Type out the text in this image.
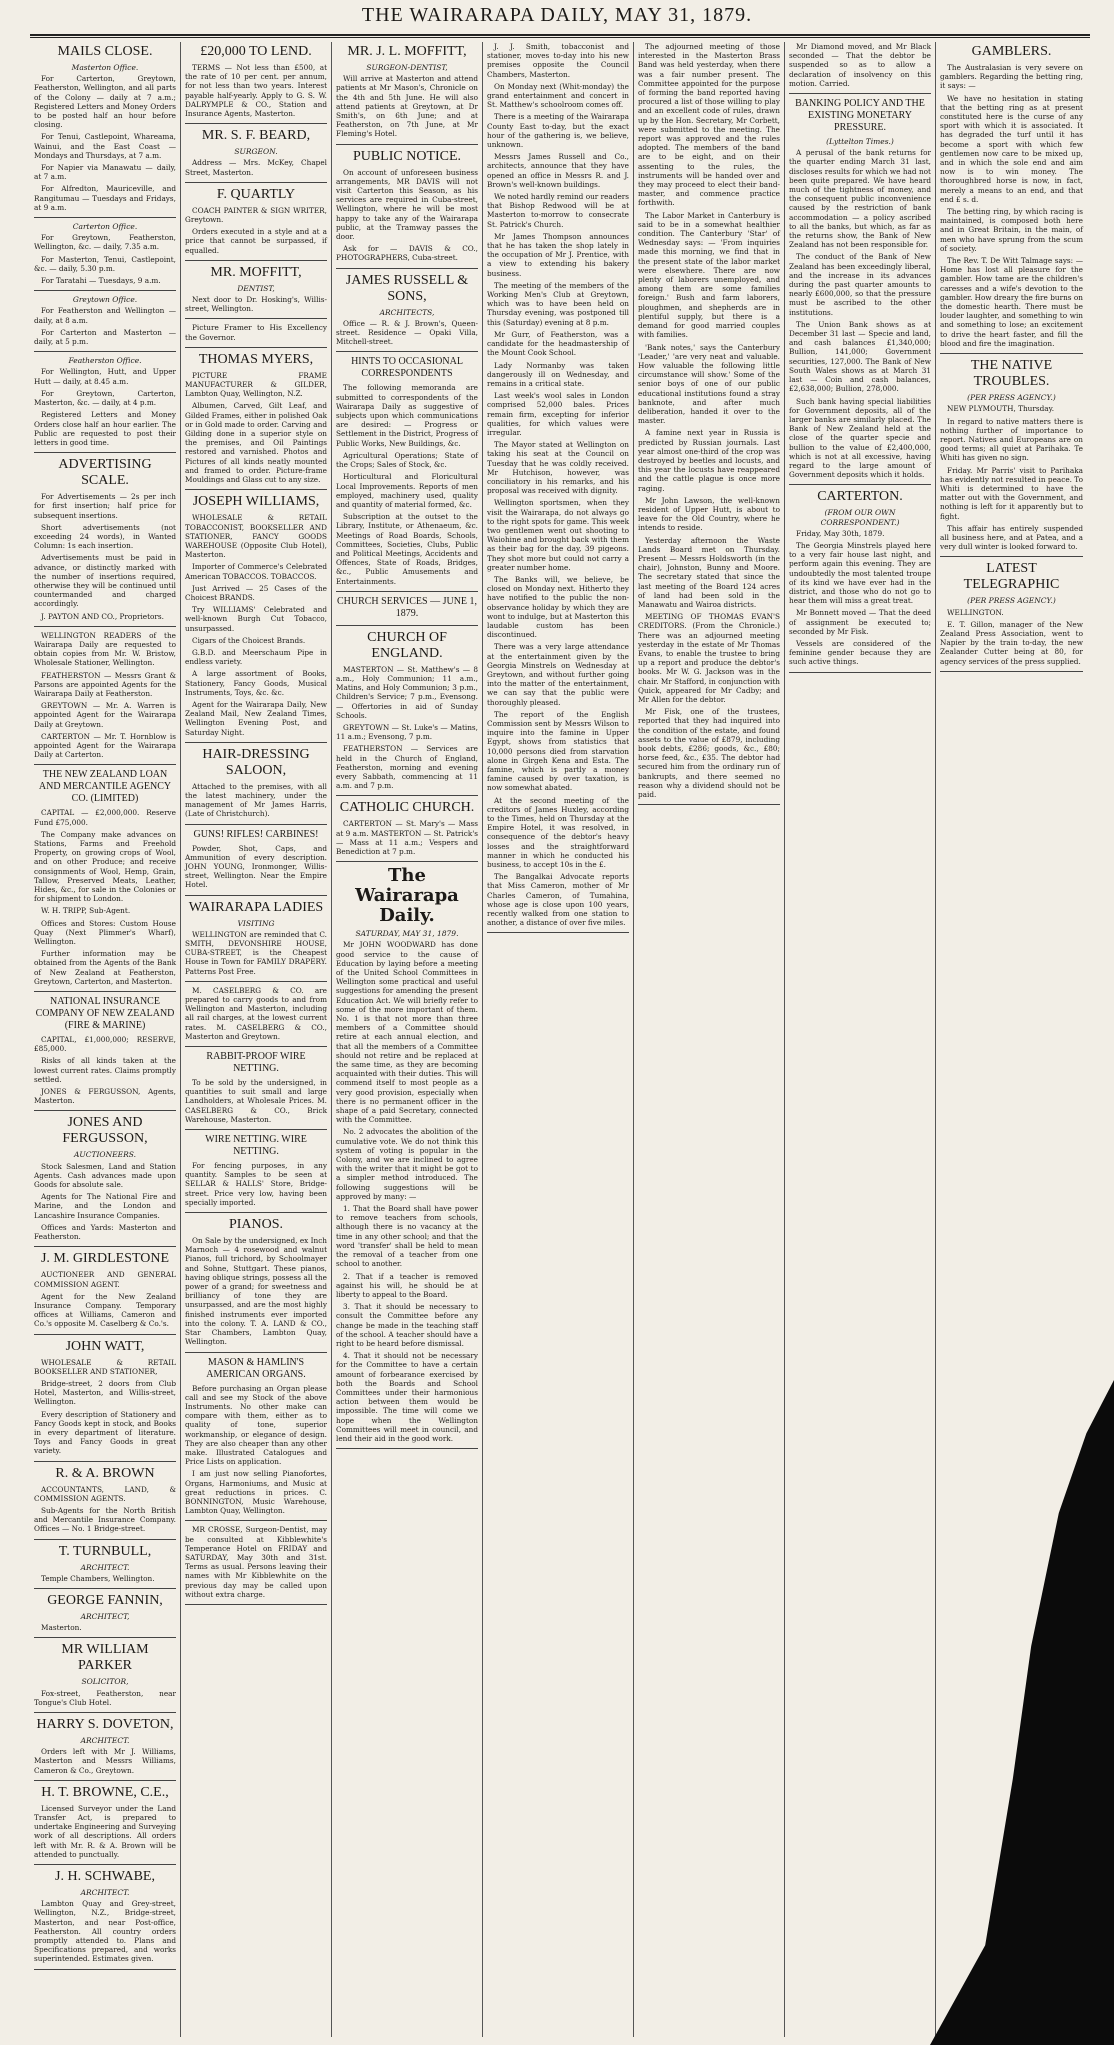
THE WAIRARAPA DAILY, MAY 31, 1879.
MAILS CLOSE.
Masterton Office.
For Carterton, Greytown, Featherston, Wellington, and all parts of the Colony — daily at 7 a.m.; Registered Letters and Money Orders to be posted half an hour before closing.
For Tenui, Castlepoint, Whareama, Wainui, and the East Coast — Mondays and Thursdays, at 7 a.m.
For Napier via Manawatu — daily, at 7 a.m.
For Alfredton, Mauriceville, and Rangitumau — Tuesdays and Fridays, at 9 a.m.
Carterton Office.
For Greytown, Featherston, Wellington, &c. — daily, 7.35 a.m.
For Masterton, Tenui, Castlepoint, &c. — daily, 5.30 p.m.
For Taratahi — Tuesdays, 9 a.m.
Greytown Office.
For Featherston and Wellington — daily, at 8 a.m.
For Carterton and Masterton — daily, at 5 p.m.
Featherston Office.
For Wellington, Hutt, and Upper Hutt — daily, at 8.45 a.m.
For Greytown, Carterton, Masterton, &c. — daily, at 4 p.m.
Registered Letters and Money Orders close half an hour earlier. The Public are requested to post their letters in good time.
ADVERTISING SCALE.
For Advertisements — 2s per inch for first insertion; half price for subsequent insertions.
Short advertisements (not exceeding 24 words), in Wanted Column: 1s each insertion.
Advertisements must be paid in advance, or distinctly marked with the number of insertions required, otherwise they will be continued until countermanded and charged accordingly.
J. PAYTON AND CO., Proprietors.
WELLINGTON READERS of the Wairarapa Daily are requested to obtain copies from Mr. W. Bristow, Wholesale Stationer, Wellington.
FEATHERSTON — Messrs Grant & Parsons are appointed Agents for the Wairarapa Daily at Featherston.
GREYTOWN — Mr. A. Warren is appointed Agent for the Wairarapa Daily at Greytown.
CARTERTON — Mr. T. Hornblow is appointed Agent for the Wairarapa Daily at Carterton.
THE NEW ZEALAND LOAN AND MERCANTILE AGENCY CO. (LIMITED)
CAPITAL — £2,000,000. Reserve Fund £75,000.
The Company make advances on Stations, Farms and Freehold Property, on growing crops of Wool, and on other Produce; and receive consignments of Wool, Hemp, Grain, Tallow, Preserved Meats, Leather, Hides, &c., for sale in the Colonies or for shipment to London.
W. H. TRIPP, Sub-Agent.
Offices and Stores: Custom House Quay (Next Plimmer's Wharf), Wellington.
Further information may be obtained from the Agents of the Bank of New Zealand at Featherston, Greytown, Carterton, and Masterton.
NATIONAL INSURANCE COMPANY OF NEW ZEALAND (FIRE & MARINE)
CAPITAL, £1,000,000; RESERVE, £85,000.
Risks of all kinds taken at the lowest current rates. Claims promptly settled.
JONES & FERGUSSON, Agents, Masterton.
JONES AND FERGUSSON,
AUCTIONEERS.
Stock Salesmen, Land and Station Agents. Cash advances made upon Goods for absolute sale.
Agents for The National Fire and Marine, and the London and Lancashire Insurance Companies.
Offices and Yards: Masterton and Featherston.
J. M. GIRDLESTONE
AUCTIONEER AND GENERAL COMMISSION AGENT.
Agent for the New Zealand Insurance Company. Temporary offices at Williams, Cameron and Co.'s opposite M. Caselberg & Co.'s.
JOHN WATT,
WHOLESALE & RETAIL BOOKSELLER AND STATIONER,
Bridge-street, 2 doors from Club Hotel, Masterton, and Willis-street, Wellington.
Every description of Stationery and Fancy Goods kept in stock, and Books in every department of literature. Toys and Fancy Goods in great variety.
R. & A. BROWN
ACCOUNTANTS, LAND, & COMMISSION AGENTS.
Sub-Agents for the North British and Mercantile Insurance Company. Offices — No. 1 Bridge-street.
T. TURNBULL,
ARCHITECT.
Temple Chambers, Wellington.
GEORGE FANNIN,
ARCHITECT,
Masterton.
MR WILLIAM PARKER
SOLICITOR,
Fox-street, Featherston, near Tongue's Club Hotel.
HARRY S. DOVETON,
ARCHITECT.
Orders left with Mr J. Williams, Masterton and Messrs Williams, Cameron & Co., Greytown.
H. T. BROWNE, C.E.,
Licensed Surveyor under the Land Transfer Act, is prepared to undertake Engineering and Surveying work of all descriptions. All orders left with Mr. R. & A. Brown will be attended to punctually.
J. H. SCHWABE,
ARCHITECT.
Lambton Quay and Grey-street, Wellington, N.Z., Bridge-street, Masterton, and near Post-office, Featherston. All country orders promptly attended to. Plans and Specifications prepared, and works superintended. Estimates given.
£20,000 TO LEND.
TERMS — Not less than £500, at the rate of 10 per cent. per annum, for not less than two years. Interest payable half-yearly. Apply to G. S. W. DALRYMPLE & CO., Station and Insurance Agents, Masterton.
MR. S. F. BEARD,
SURGEON.
Address — Mrs. McKey, Chapel Street, Masterton.
F. QUARTLY
COACH PAINTER & SIGN WRITER, Greytown.
Orders executed in a style and at a price that cannot be surpassed, if equalled.
MR. MOFFITT,
DENTIST,
Next door to Dr. Hosking's, Willis-street, Wellington.
Picture Framer to His Excellency the Governor.
THOMAS MYERS,
PICTURE FRAME MANUFACTURER & GILDER, Lambton Quay, Wellington, N.Z.
Albumen, Carved, Gilt Leaf, and Gilded Frames, either in polished Oak or in Gold made to order. Carving and Gilding done in a superior style on the premises, and Oil Paintings restored and varnished. Photos and Pictures of all kinds neatly mounted and framed to order. Picture-frame Mouldings and Glass cut to any size.
JOSEPH WILLIAMS,
WHOLESALE & RETAIL TOBACCONIST, BOOKSELLER AND STATIONER, FANCY GOODS WAREHOUSE (Opposite Club Hotel), Masterton.
Importer of Commerce's Celebrated American TOBACCOS. TOBACCOS.
Just Arrived — 25 Cases of the Choicest BRANDS.
Try WILLIAMS' Celebrated and well-known Burgh Cut Tobacco, unsurpassed.
Cigars of the Choicest Brands.
G.B.D. and Meerschaum Pipe in endless variety.
A large assortment of Books, Stationery, Fancy Goods, Musical Instruments, Toys, &c. &c.
Agent for the Wairarapa Daily, New Zealand Mail, New Zealand Times, Wellington Evening Post, and Saturday Night.
HAIR-DRESSING SALOON,
Attached to the premises, with all the latest machinery, under the management of Mr James Harris, (Late of Christchurch).
GUNS! RIFLES! CARBINES!
Powder, Shot, Caps, and Ammunition of every description. JOHN YOUNG, Ironmonger, Willis-street, Wellington. Near the Empire Hotel.
WAIRARAPA LADIES
VISITING
WELLINGTON are reminded that C. SMITH, DEVONSHIRE HOUSE, CUBA-STREET, is the Cheapest House in Town for FAMILY DRAPERY. Patterns Post Free.
M. CASELBERG & CO. are prepared to carry goods to and from Wellington and Masterton, including all rail charges, at the lowest current rates. M. CASELBERG & CO., Masterton and Greytown.
RABBIT-PROOF WIRE NETTING.
To be sold by the undersigned, in quantities to suit small and large Landholders, at Wholesale Prices. M. CASELBERG & CO., Brick Warehouse, Masterton.
WIRE NETTING. WIRE NETTING.
For fencing purposes, in any quantity. Samples to be seen at SELLAR & HALLS' Store, Bridge-street. Price very low, having been specially imported.
PIANOS.
On Sale by the undersigned, ex Inch Marnoch — 4 rosewood and walnut Pianos, full trichord, by Schoolmayer and Sohne, Stuttgart. These pianos, having oblique strings, possess all the power of a grand; for sweetness and brilliancy of tone they are unsurpassed, and are the most highly finished instruments ever imported into the colony. T. A. LAND & CO., Star Chambers, Lambton Quay, Wellington.
MASON & HAMLIN'S AMERICAN ORGANS.
Before purchasing an Organ please call and see my Stock of the above Instruments. No other make can compare with them, either as to quality of tone, superior workmanship, or elegance of design. They are also cheaper than any other make. Illustrated Catalogues and Price Lists on application.
I am just now selling Pianofortes, Organs, Harmoniums, and Music at great reductions in prices. C. BONNINGTON, Music Warehouse, Lambton Quay, Wellington.
MR CROSSE, Surgeon-Dentist, may be consulted at Kibblewhite's Temperance Hotel on FRIDAY and SATURDAY, May 30th and 31st. Terms as usual. Persons leaving their names with Mr Kibblewhite on the previous day may be called upon without extra charge.
MR. J. L. MOFFITT,
SURGEON-DENTIST,
Will arrive at Masterton and attend patients at Mr Mason's, Chronicle on the 4th and 5th June. He will also attend patients at Greytown, at Dr Smith's, on 6th June; and at Featherston, on 7th June, at Mr Fleming's Hotel.
PUBLIC NOTICE.
On account of unforeseen business arrangements, MR DAVIS will not visit Carterton this Season, as his services are required in Cuba-street, Wellington, where he will be most happy to take any of the Wairarapa public, at the Tramway passes the door.
Ask for — DAVIS & CO., PHOTOGRAPHERS, Cuba-street.
JAMES RUSSELL & SONS,
ARCHITECTS,
Office — R. & J. Brown's, Queen-street. Residence — Opaki Villa, Mitchell-street.
HINTS TO OCCASIONAL CORRESPONDENTS
The following memoranda are submitted to correspondents of the Wairarapa Daily as suggestive of subjects upon which communications are desired: — Progress or Settlement in the District, Progress of Public Works, New Buildings, &c.
Agricultural Operations; State of the Crops; Sales of Stock, &c.
Horticultural and Floricultural Local Improvements. Reports of men employed, machinery used, quality and quantity of material formed, &c.
Subscription at the outset to the Library, Institute, or Athenaeum, &c. Meetings of Road Boards, Schools, Committees, Societies, Clubs, Public and Political Meetings, Accidents and Offences, State of Roads, Bridges, &c., Public Amusements and Entertainments.
CHURCH SERVICES — JUNE 1, 1879.
CHURCH OF ENGLAND.
MASTERTON — St. Matthew's — 8 a.m., Holy Communion; 11 a.m., Matins, and Holy Communion; 3 p.m., Children's Service; 7 p.m., Evensong. — Offertories in aid of Sunday Schools.
GREYTOWN — St. Luke's — Matins, 11 a.m.; Evensong, 7 p.m.
FEATHERSTON — Services are held in the Church of England, Featherston, morning and evening every Sabbath, commencing at 11 a.m. and 7 p.m.
CATHOLIC CHURCH.
CARTERTON — St. Mary's — Mass at 9 a.m. MASTERTON — St. Patrick's — Mass at 11 a.m.; Vespers and Benediction at 7 p.m.
The Wairarapa Daily.
SATURDAY, MAY 31, 1879.
Mr JOHN WOODWARD has done good service to the cause of Education by laying before a meeting of the United School Committees in Wellington some practical and useful suggestions for amending the present Education Act. We will briefly refer to some of the more important of them. No. 1 is that not more than three members of a Committee should retire at each annual election, and that all the members of a Committee should not retire and be replaced at the same time, as they are becoming acquainted with their duties. This will commend itself to most people as a very good provision, especially when there is no permanent officer in the shape of a paid Secretary, connected with the Committee.
No. 2 advocates the abolition of the cumulative vote. We do not think this system of voting is popular in the Colony, and we are inclined to agree with the writer that it might be got to a simpler method introduced. The following suggestions will be approved by many: —
1. That the Board shall have power to remove teachers from schools, although there is no vacancy at the time in any other school; and that the word 'transfer' shall be held to mean the removal of a teacher from one school to another.
2. That if a teacher is removed against his will, he should be at liberty to appeal to the Board.
3. That it should be necessary to consult the Committee before any change be made in the teaching staff of the school. A teacher should have a right to be heard before dismissal.
4. That it should not be necessary for the Committee to have a certain amount of forbearance exercised by both the Boards and School Committees under their harmonious action between them would be impossible. The time will come we hope when the Wellington Committees will meet in council, and lend their aid in the good work.
J. J. Smith, tobacconist and stationer, moves to-day into his new premises opposite the Council Chambers, Masterton.
On Monday next (Whit-monday) the grand entertainment and concert in St. Matthew's schoolroom comes off.
There is a meeting of the Wairarapa County East to-day, but the exact hour of the gathering is, we believe, unknown.
Messrs James Russell and Co., architects, announce that they have opened an office in Messrs R. and J. Brown's well-known buildings.
We noted hardly remind our readers that Bishop Redwood will be at Masterton to-morrow to consecrate St. Patrick's Church.
Mr James Thompson announces that he has taken the shop lately in the occupation of Mr J. Prentice, with a view to extending his bakery business.
The meeting of the members of the Working Men's Club at Greytown, which was to have been held on Thursday evening, was postponed till this (Saturday) evening at 8 p.m.
Mr Gurr, of Featherston, was a candidate for the headmastership of the Mount Cook School.
Lady Normanby was taken dangerously ill on Wednesday, and remains in a critical state.
Last week's wool sales in London comprised 52,000 bales. Prices remain firm, excepting for inferior qualities, for which values were irregular.
The Mayor stated at Wellington on taking his seat at the Council on Tuesday that he was coldly received. Mr Hutchison, however, was conciliatory in his remarks, and his proposal was received with dignity.
Wellington sportsmen, when they visit the Wairarapa, do not always go to the right spots for game. This week two gentlemen went out shooting to Waiohine and brought back with them as their bag for the day, 39 pigeons. They shot more but could not carry a greater number home.
The Banks will, we believe, be closed on Monday next. Hitherto they have notified to the public the non-observance holiday by which they are wont to indulge, but at Masterton this laudable custom has been discontinued.
There was a very large attendance at the entertainment given by the Georgia Minstrels on Wednesday at Greytown, and without further going into the matter of the entertainment, we can say that the public were thoroughly pleased.
The report of the English Commission sent by Messrs Wilson to inquire into the famine in Upper Egypt, shows from statistics that 10,000 persons died from starvation alone in Girgeh Kena and Esta. The famine, which is partly a money famine caused by over taxation, is now somewhat abated.
At the second meeting of the creditors of James Huxley, according to the Times, held on Thursday at the Empire Hotel, it was resolved, in consequence of the debtor's heavy losses and the straightforward manner in which he conducted his business, to accept 10s in the £.
The Bangalkai Advocate reports that Miss Cameron, mother of Mr Charles Cameron, of Tumahina, whose age is close upon 100 years, recently walked from one station to another, a distance of over five miles.
The adjourned meeting of those interested in the Masterton Brass Band was held yesterday, when there was a fair number present. The Committee appointed for the purpose of forming the band reported having procured a list of those willing to play and an excellent code of rules, drawn up by the Hon. Secretary, Mr Corbett, were submitted to the meeting. The report was approved and the rules adopted. The members of the band are to be eight, and on their assenting to the rules, the instruments will be handed over and they may proceed to elect their band-master, and commence practice forthwith.
The Labor Market in Canterbury is said to be in a somewhat healthier condition. The Canterbury 'Star' of Wednesday says: — 'From inquiries made this morning, we find that in the present state of the labor market were elsewhere. There are now plenty of laborers unemployed, and among them are some families foreign.' Bush and farm laborers, ploughmen, and shepherds are in plentiful supply, but there is a demand for good married couples with families.
'Bank notes,' says the Canterbury 'Leader,' 'are very neat and valuable. How valuable the following little circumstance will show.' Some of the senior boys of one of our public educational institutions found a stray banknote, and after much deliberation, handed it over to the master.
A famine next year in Russia is predicted by Russian journals. Last year almost one-third of the crop was destroyed by beetles and locusts, and this year the locusts have reappeared and the cattle plague is once more raging.
Mr John Lawson, the well-known resident of Upper Hutt, is about to leave for the Old Country, where he intends to reside.
Yesterday afternoon the Waste Lands Board met on Thursday. Present — Messrs Holdsworth (in the chair), Johnston, Bunny and Moore. The secretary stated that since the last meeting of the Board 124 acres of land had been sold in the Manawatu and Wairoa districts.
MEETING OF THOMAS EVAN'S CREDITORS. (From the Chronicle.) There was an adjourned meeting yesterday in the estate of Mr Thomas Evans, to enable the trustee to bring up a report and produce the debtor's books. Mr W. G. Jackson was in the chair. Mr Stafford, in conjunction with Quick, appeared for Mr Cadby; and Mr Allen for the debtor.
Mr Fisk, one of the trustees, reported that they had inquired into the condition of the estate, and found assets to the value of £879, including book debts, £286; goods, &c., £80; horse feed, &c., £35. The debtor had secured him from the ordinary run of bankrupts, and there seemed no reason why a dividend should not be paid.
Mr Diamond moved, and Mr Black seconded — That the debtor be suspended so as to allow a declaration of insolvency on this motion. Carried.
BANKING POLICY AND THE EXISTING MONETARY PRESSURE.
(Lyttelton Times.)
A perusal of the bank returns for the quarter ending March 31 last, discloses results for which we had not been quite prepared. We have heard much of the tightness of money, and the consequent public inconvenience caused by the restriction of bank accommodation — a policy ascribed to all the banks, but which, as far as the returns show, the Bank of New Zealand has not been responsible for.
The conduct of the Bank of New Zealand has been exceedingly liberal, and the increase in its advances during the past quarter amounts to nearly £600,000, so that the pressure must be ascribed to the other institutions.
The Union Bank shows as at December 31 last — Specie and land, and cash balances £1,340,000; Bullion, 141,000; Government securities, 127,000. The Bank of New South Wales shows as at March 31 last — Coin and cash balances, £2,638,000; Bullion, 278,000.
Such bank having special liabilities for Government deposits, all of the larger banks are similarly placed. The Bank of New Zealand held at the close of the quarter specie and bullion to the value of £2,400,000, which is not at all excessive, having regard to the large amount of Government deposits which it holds.
CARTERTON.
(FROM OUR OWN CORRESPONDENT.)
Friday, May 30th, 1879.
The Georgia Minstrels played here to a very fair house last night, and perform again this evening. They are undoubtedly the most talented troupe of its kind we have ever had in the district, and those who do not go to hear them will miss a great treat.
Mr Bonnett moved — That the deed of assignment be executed to; seconded by Mr Fisk.
Vessels are considered of the feminine gender because they are such active things.
GAMBLERS.
The Australasian is very severe on gamblers. Regarding the betting ring, it says: —
We have no hesitation in stating that the betting ring as at present constituted here is the curse of any sport with which it is associated. It has degraded the turf until it has become a sport with which few gentlemen now care to be mixed up, and in which the sole end and aim now is to win money. The thoroughbred horse is now, in fact, merely a means to an end, and that end £ s. d.
The betting ring, by which racing is maintained, is composed both here and in Great Britain, in the main, of men who have sprung from the scum of society.
The Rev. T. De Witt Talmage says: — Home has lost all pleasure for the gambler. How tame are the children's caresses and a wife's devotion to the gambler. How dreary the fire burns on the domestic hearth. There must be louder laughter, and something to win and something to lose; an excitement to drive the heart faster, and fill the blood and fire the imagination.
THE NATIVE TROUBLES.
(PER PRESS AGENCY.)
NEW PLYMOUTH, Thursday.
In regard to native matters there is nothing further of importance to report. Natives and Europeans are on good terms; all quiet at Parihaka. Te Whiti has given no sign.
Friday. Mr Parris' visit to Parihaka has evidently not resulted in peace. To Whiti is determined to have the matter out with the Government, and nothing is left for it apparently but to fight.
This affair has entirely suspended all business here, and at Patea, and a very dull winter is looked forward to.
LATEST TELEGRAPHIC
(PER PRESS AGENCY.)
WELLINGTON.
E. T. Gillon, manager of the New Zealand Press Association, went to Napier by the train to-day, the new Zealander Cutter being at 80, for agency services of the press supplied.
